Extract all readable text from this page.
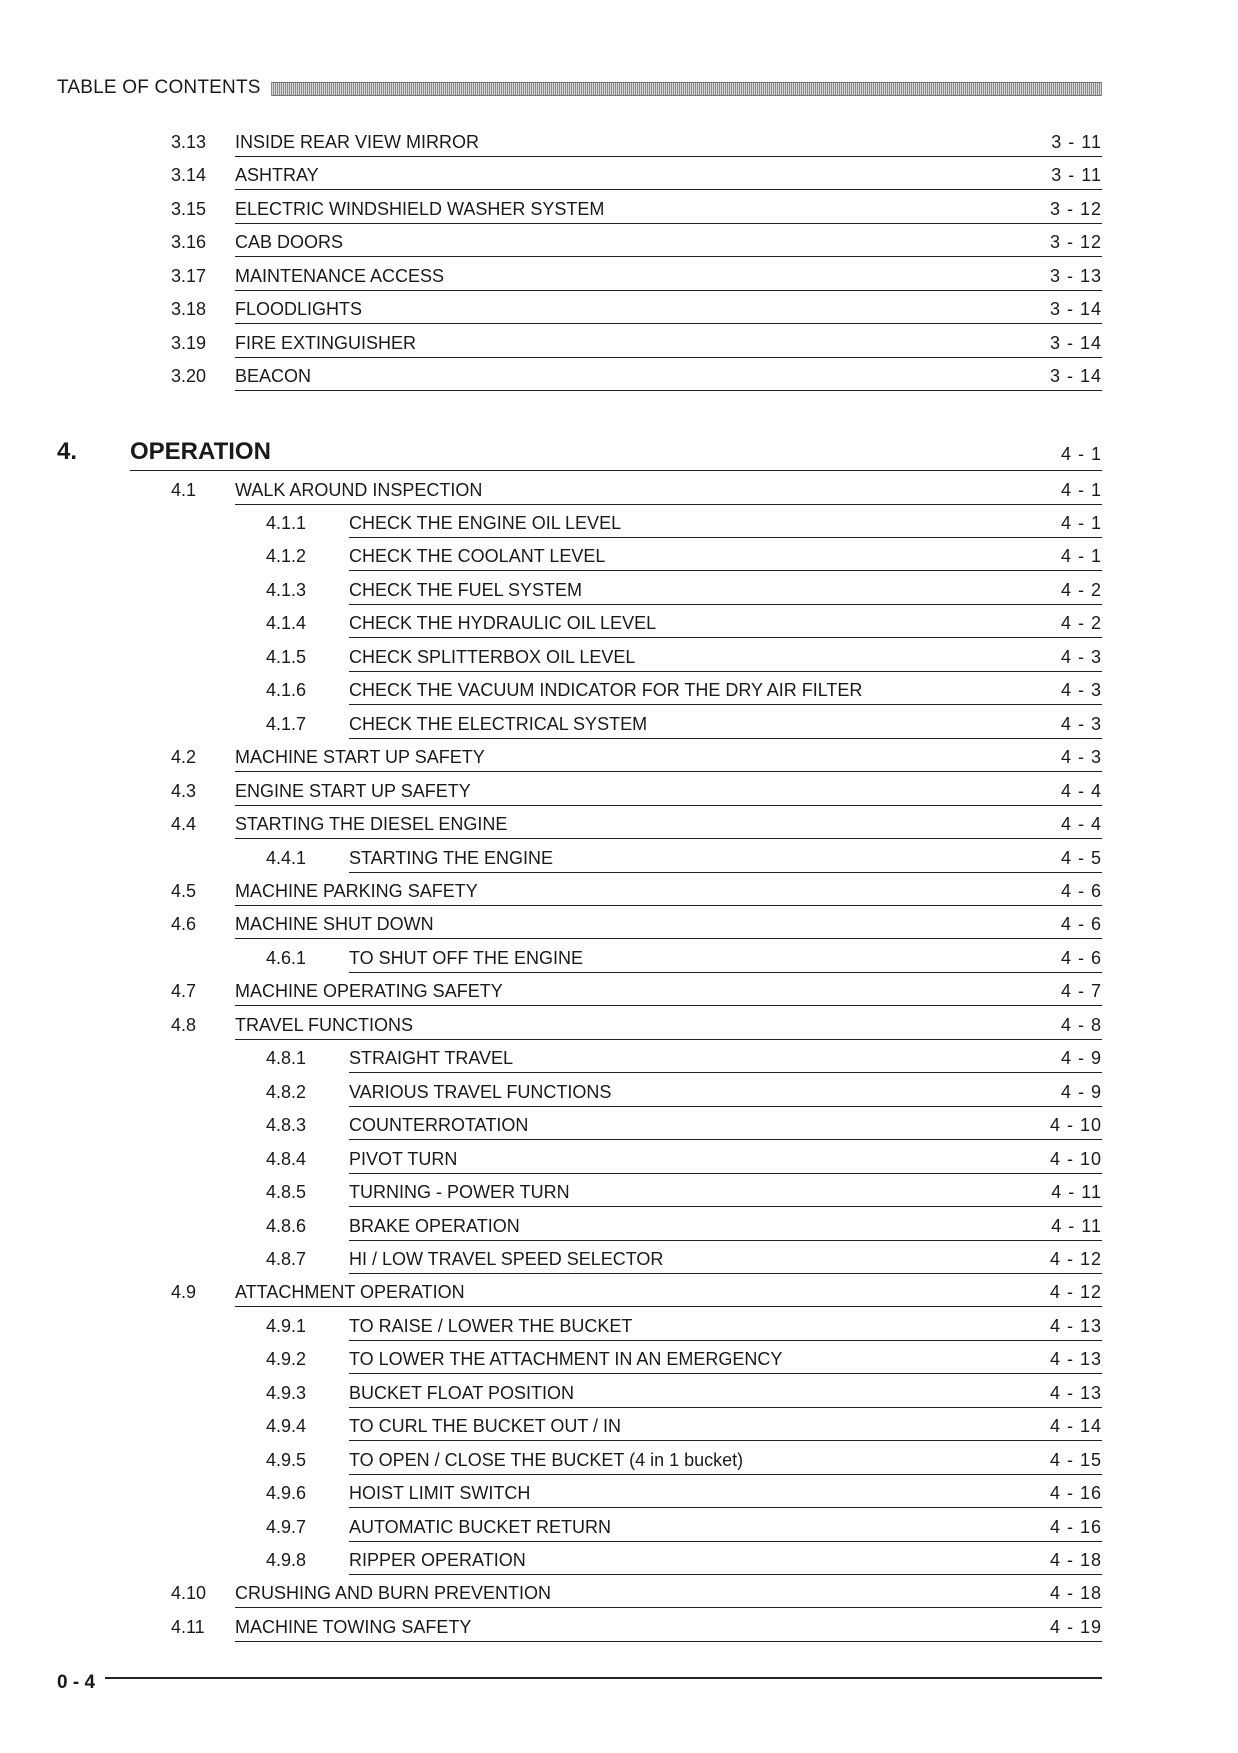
TABLE OF CONTENTS
3.13 INSIDE REAR VIEW MIRROR	3 - 11
3.14 ASHTRAY	3 - 11
3.15 ELECTRIC WINDSHIELD WASHER SYSTEM	3 - 12
3.16 CAB DOORS	3 - 12
3.17 MAINTENANCE ACCESS	3 - 13
3.18 FLOODLIGHTS	3 - 14
3.19 FIRE EXTINGUISHER	3 - 14
3.20 BEACON	3 - 14
4. OPERATION	4 - 1
4.1 WALK AROUND INSPECTION	4 - 1
4.1.1 CHECK THE ENGINE OIL LEVEL	4 - 1
4.1.2 CHECK THE COOLANT LEVEL	4 - 1
4.1.3 CHECK THE FUEL SYSTEM	4 - 2
4.1.4 CHECK THE HYDRAULIC OIL LEVEL	4 - 2
4.1.5 CHECK SPLITTERBOX OIL LEVEL	4 - 3
4.1.6 CHECK THE VACUUM INDICATOR FOR THE DRY AIR FILTER	4 - 3
4.1.7 CHECK THE ELECTRICAL SYSTEM	4 - 3
4.2 MACHINE START UP SAFETY	4 - 3
4.3 ENGINE START UP SAFETY	4 - 4
4.4 STARTING THE DIESEL ENGINE	4 - 4
4.4.1 STARTING THE ENGINE	4 - 5
4.5 MACHINE PARKING SAFETY	4 - 6
4.6 MACHINE SHUT DOWN	4 - 6
4.6.1 TO SHUT OFF THE ENGINE	4 - 6
4.7 MACHINE OPERATING SAFETY	4 - 7
4.8 TRAVEL FUNCTIONS	4 - 8
4.8.1 STRAIGHT TRAVEL	4 - 9
4.8.2 VARIOUS TRAVEL FUNCTIONS	4 - 9
4.8.3 COUNTERROTATION	4 - 10
4.8.4 PIVOT TURN	4 - 10
4.8.5 TURNING - POWER TURN	4 - 11
4.8.6 BRAKE OPERATION	4 - 11
4.8.7 HI / LOW TRAVEL SPEED SELECTOR	4 - 12
4.9 ATTACHMENT OPERATION	4 - 12
4.9.1 TO RAISE / LOWER THE BUCKET	4 - 13
4.9.2 TO LOWER THE ATTACHMENT IN AN EMERGENCY	4 - 13
4.9.3 BUCKET FLOAT POSITION	4 - 13
4.9.4 TO CURL THE BUCKET OUT / IN	4 - 14
4.9.5 TO OPEN / CLOSE THE BUCKET (4 in 1 bucket)	4 - 15
4.9.6 HOIST LIMIT SWITCH	4 - 16
4.9.7 AUTOMATIC BUCKET RETURN	4 - 16
4.9.8 RIPPER OPERATION	4 - 18
4.10 CRUSHING AND BURN PREVENTION	4 - 18
4.11 MACHINE TOWING SAFETY	4 - 19
0 - 4
